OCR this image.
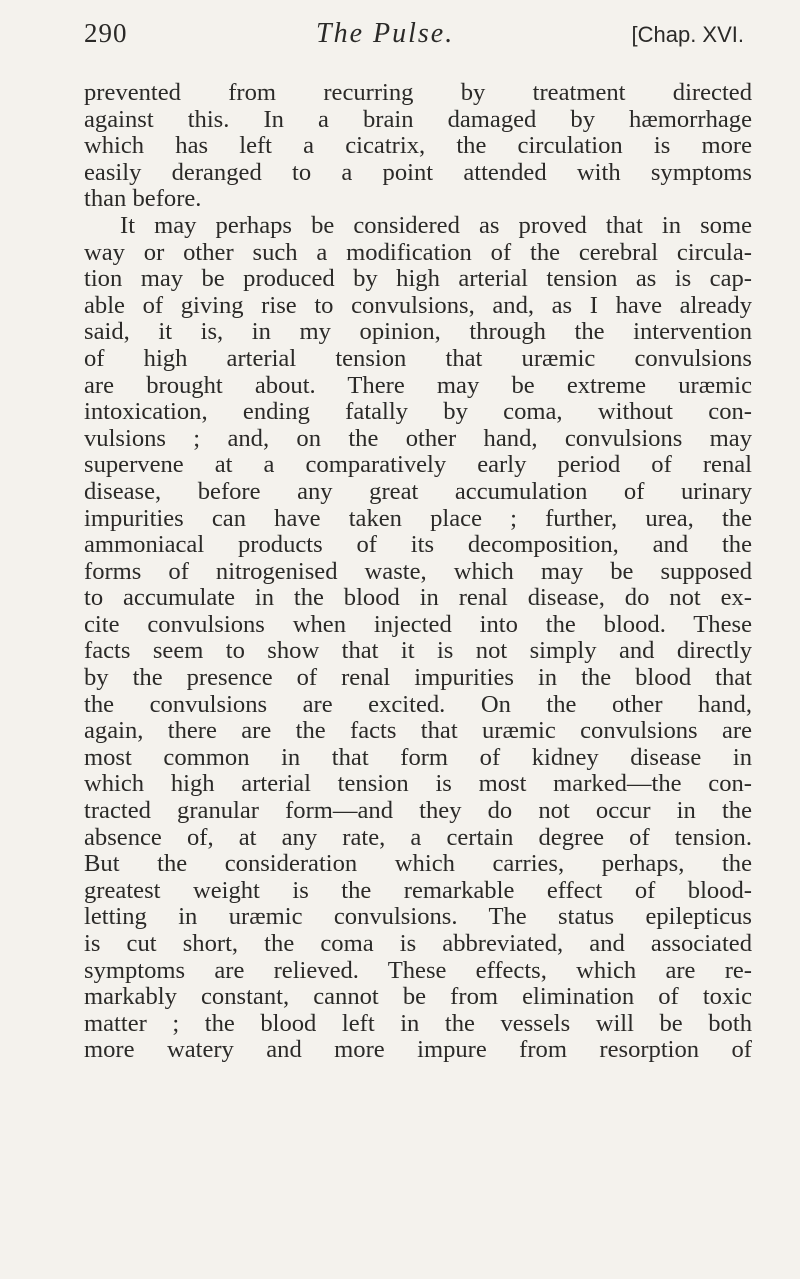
290	The Pulse.	[Chap. XVI.
prevented from recurring by treatment directed
against this. In a brain damaged by hæmorrhage
which has left a cicatrix, the circulation is more
easily deranged to a point attended with symptoms
than before.
It may perhaps be considered as proved that in some
way or other such a modification of the cerebral circula-
tion may be produced by high arterial tension as is cap-
able of giving rise to convulsions, and, as I have already
said, it is, in my opinion, through the intervention
of high arterial tension that uræmic convulsions
are brought about. There may be extreme uræmic
intoxication, ending fatally by coma, without con-
vulsions ; and, on the other hand, convulsions may
supervene at a comparatively early period of renal
disease, before any great accumulation of urinary
impurities can have taken place ; further, urea, the
ammoniacal products of its decomposition, and the
forms of nitrogenised waste, which may be supposed
to accumulate in the blood in renal disease, do not ex-
cite convulsions when injected into the blood. These
facts seem to show that it is not simply and directly
by the presence of renal impurities in the blood that
the convulsions are excited. On the other hand,
again, there are the facts that uræmic convulsions are
most common in that form of kidney disease in
which high arterial tension is most marked—the con-
tracted granular form—and they do not occur in the
absence of, at any rate, a certain degree of tension.
But the consideration which carries, perhaps, the
greatest weight is the remarkable effect of blood-
letting in uræmic convulsions. The status epilepticus
is cut short, the coma is abbreviated, and associated
symptoms are relieved. These effects, which are re-
markably constant, cannot be from elimination of toxic
matter ; the blood left in the vessels will be both
more watery and more impure from resorption of
